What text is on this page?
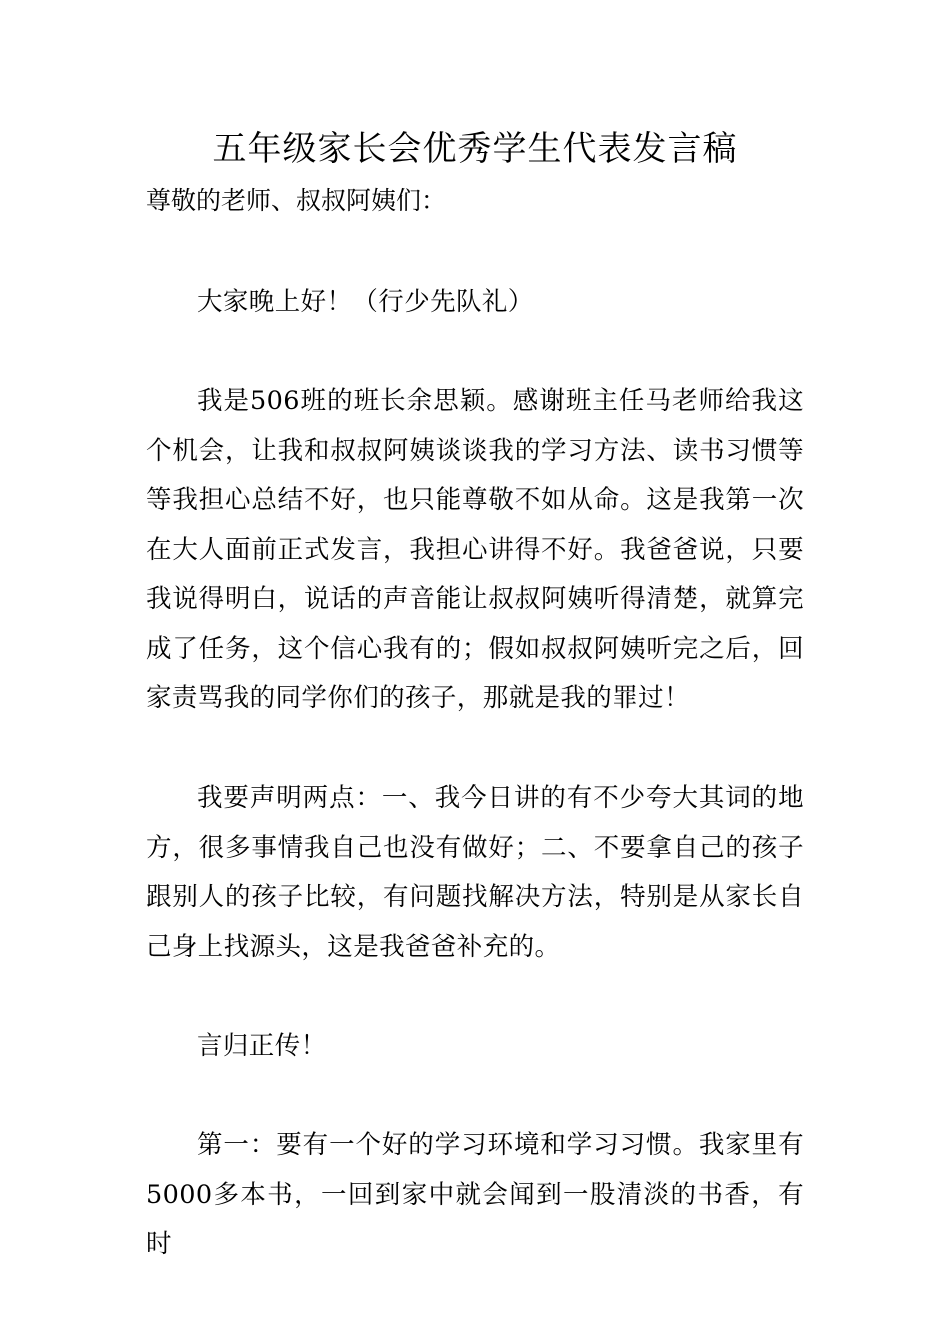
五年级家长会优秀学生代表发言稿
尊敬的老师、叔叔阿姨们：
大家晚上好！（行少先队礼）
我是506班的班长余思颖。感谢班主任马老师给我这个机会，让我和叔叔阿姨谈谈我的学习方法、读书习惯等等我担心总结不好，也只能尊敬不如从命。这是我第一次在大人面前正式发言，我担心讲得不好。我爸爸说，只要我说得明白，说话的声音能让叔叔阿姨听得清楚，就算完成了任务，这个信心我有的；假如叔叔阿姨听完之后，回家责骂我的同学你们的孩子，那就是我的罪过！
我要声明两点：一、我今日讲的有不少夸大其词的地方，很多事情我自己也没有做好；二、不要拿自己的孩子跟别人的孩子比较，有问题找解决方法，特别是从家长自己身上找源头，这是我爸爸补充的。
言归正传！
第一：要有一个好的学习环境和学习习惯。我家里有5000多本书，一回到家中就会闻到一股清淡的书香，有时
